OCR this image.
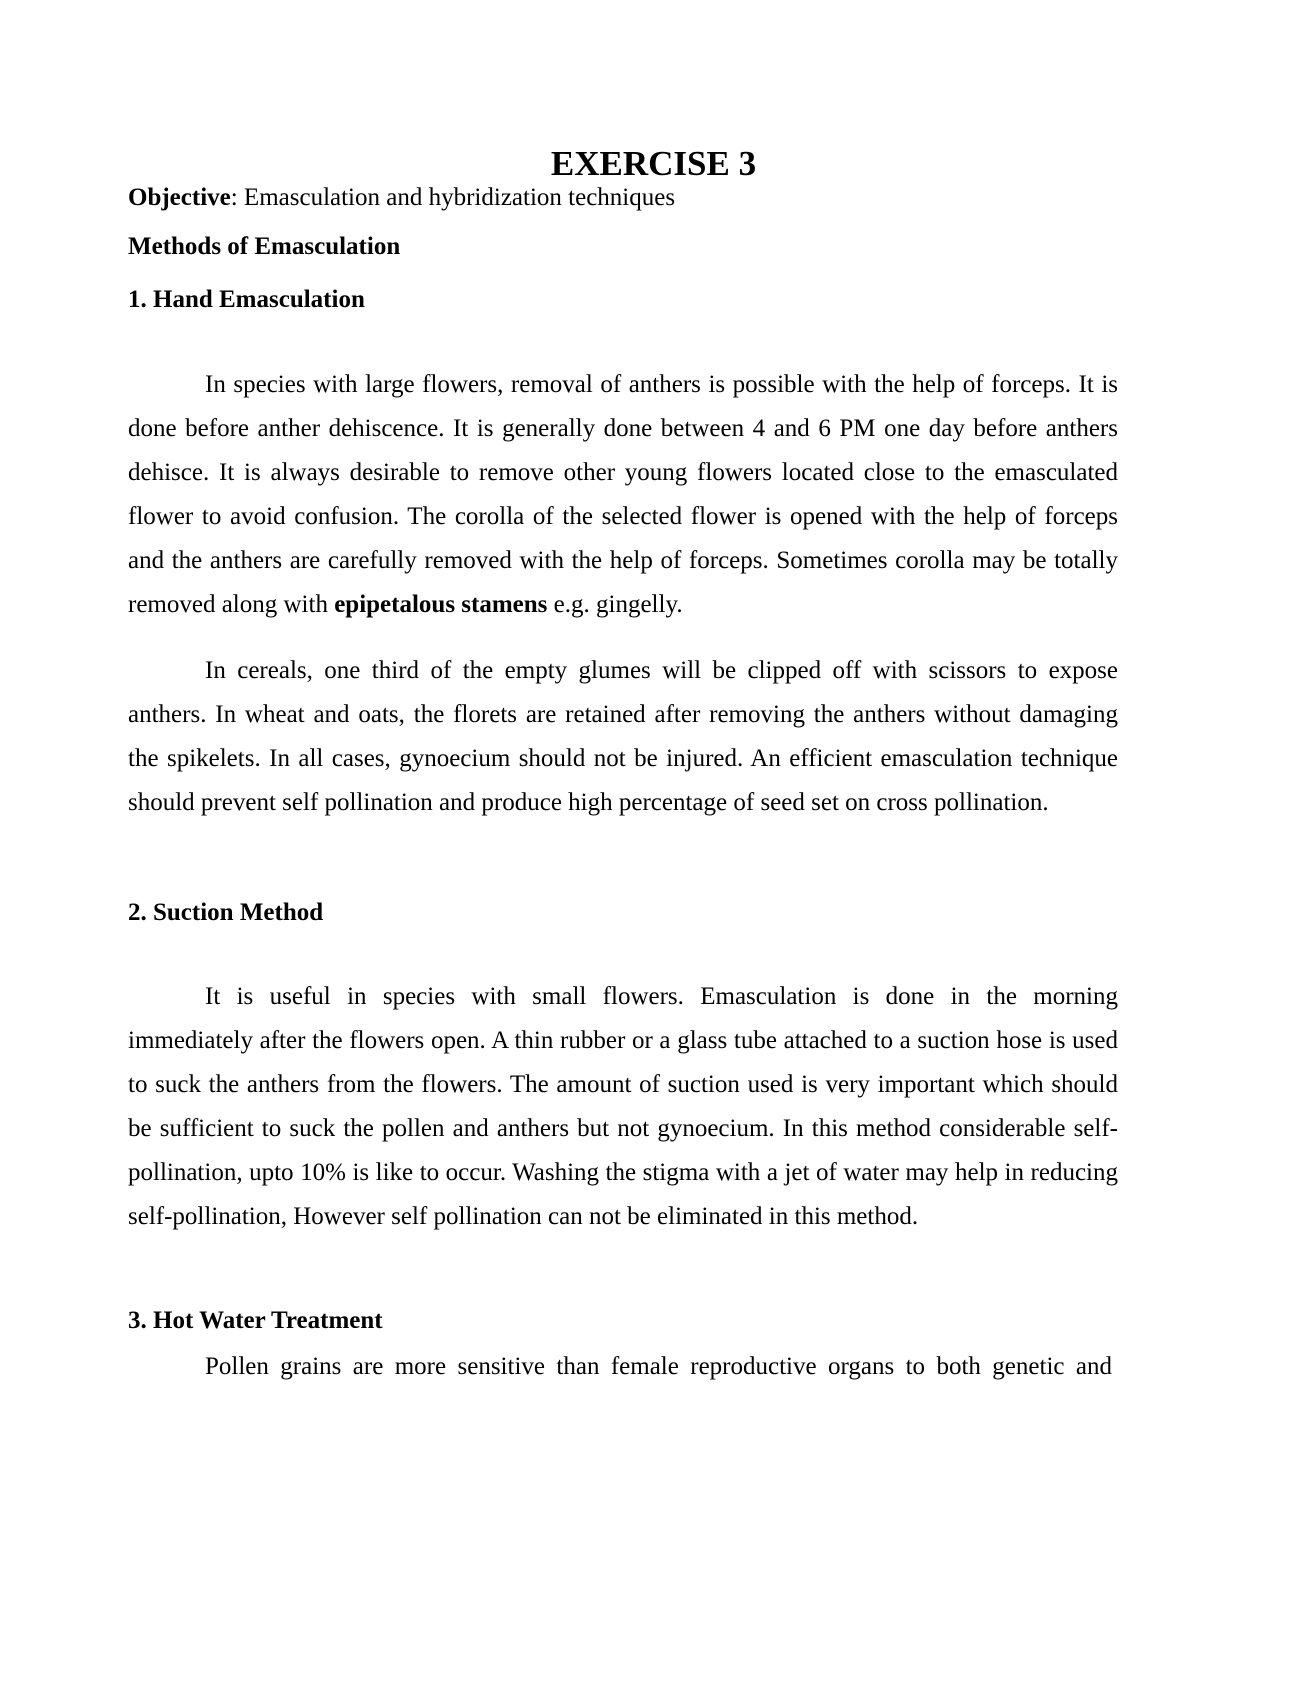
EXERCISE 3

Objective: Emasculation and hybridization techniques

Methods of Emasculation

1. Hand Emasculation

In species with large flowers, removal of anthers is possible with the help of forceps. It is done before anther dehiscence. It is generally done between 4 and 6 PM one day before anthers dehisce. It is always desirable to remove other young flowers located close to the emasculated flower to avoid confusion. The corolla of the selected flower is opened with the help of forceps and the anthers are carefully removed with the help of forceps. Sometimes corolla may be totally removed along with epipetalous stamens e.g. gingelly.

In cereals, one third of the empty glumes will be clipped off with scissors to expose anthers. In wheat and oats, the florets are retained after removing the anthers without damaging the spikelets. In all cases, gynoecium should not be injured. An efficient emasculation technique should prevent self pollination and produce high percentage of seed set on cross pollination.

2. Suction Method

It is useful in species with small flowers. Emasculation is done in the morning immediately after the flowers open. A thin rubber or a glass tube attached to a suction hose is used to suck the anthers from the flowers. The amount of suction used is very important which should be sufficient to suck the pollen and anthers but not gynoecium. In this method considerable self-pollination, upto 10% is like to occur. Washing the stigma with a jet of water may help in reducing self-pollination, However self pollination can not be eliminated in this method.

3. Hot Water Treatment

Pollen grains are more sensitive than female reproductive organs to both genetic and
